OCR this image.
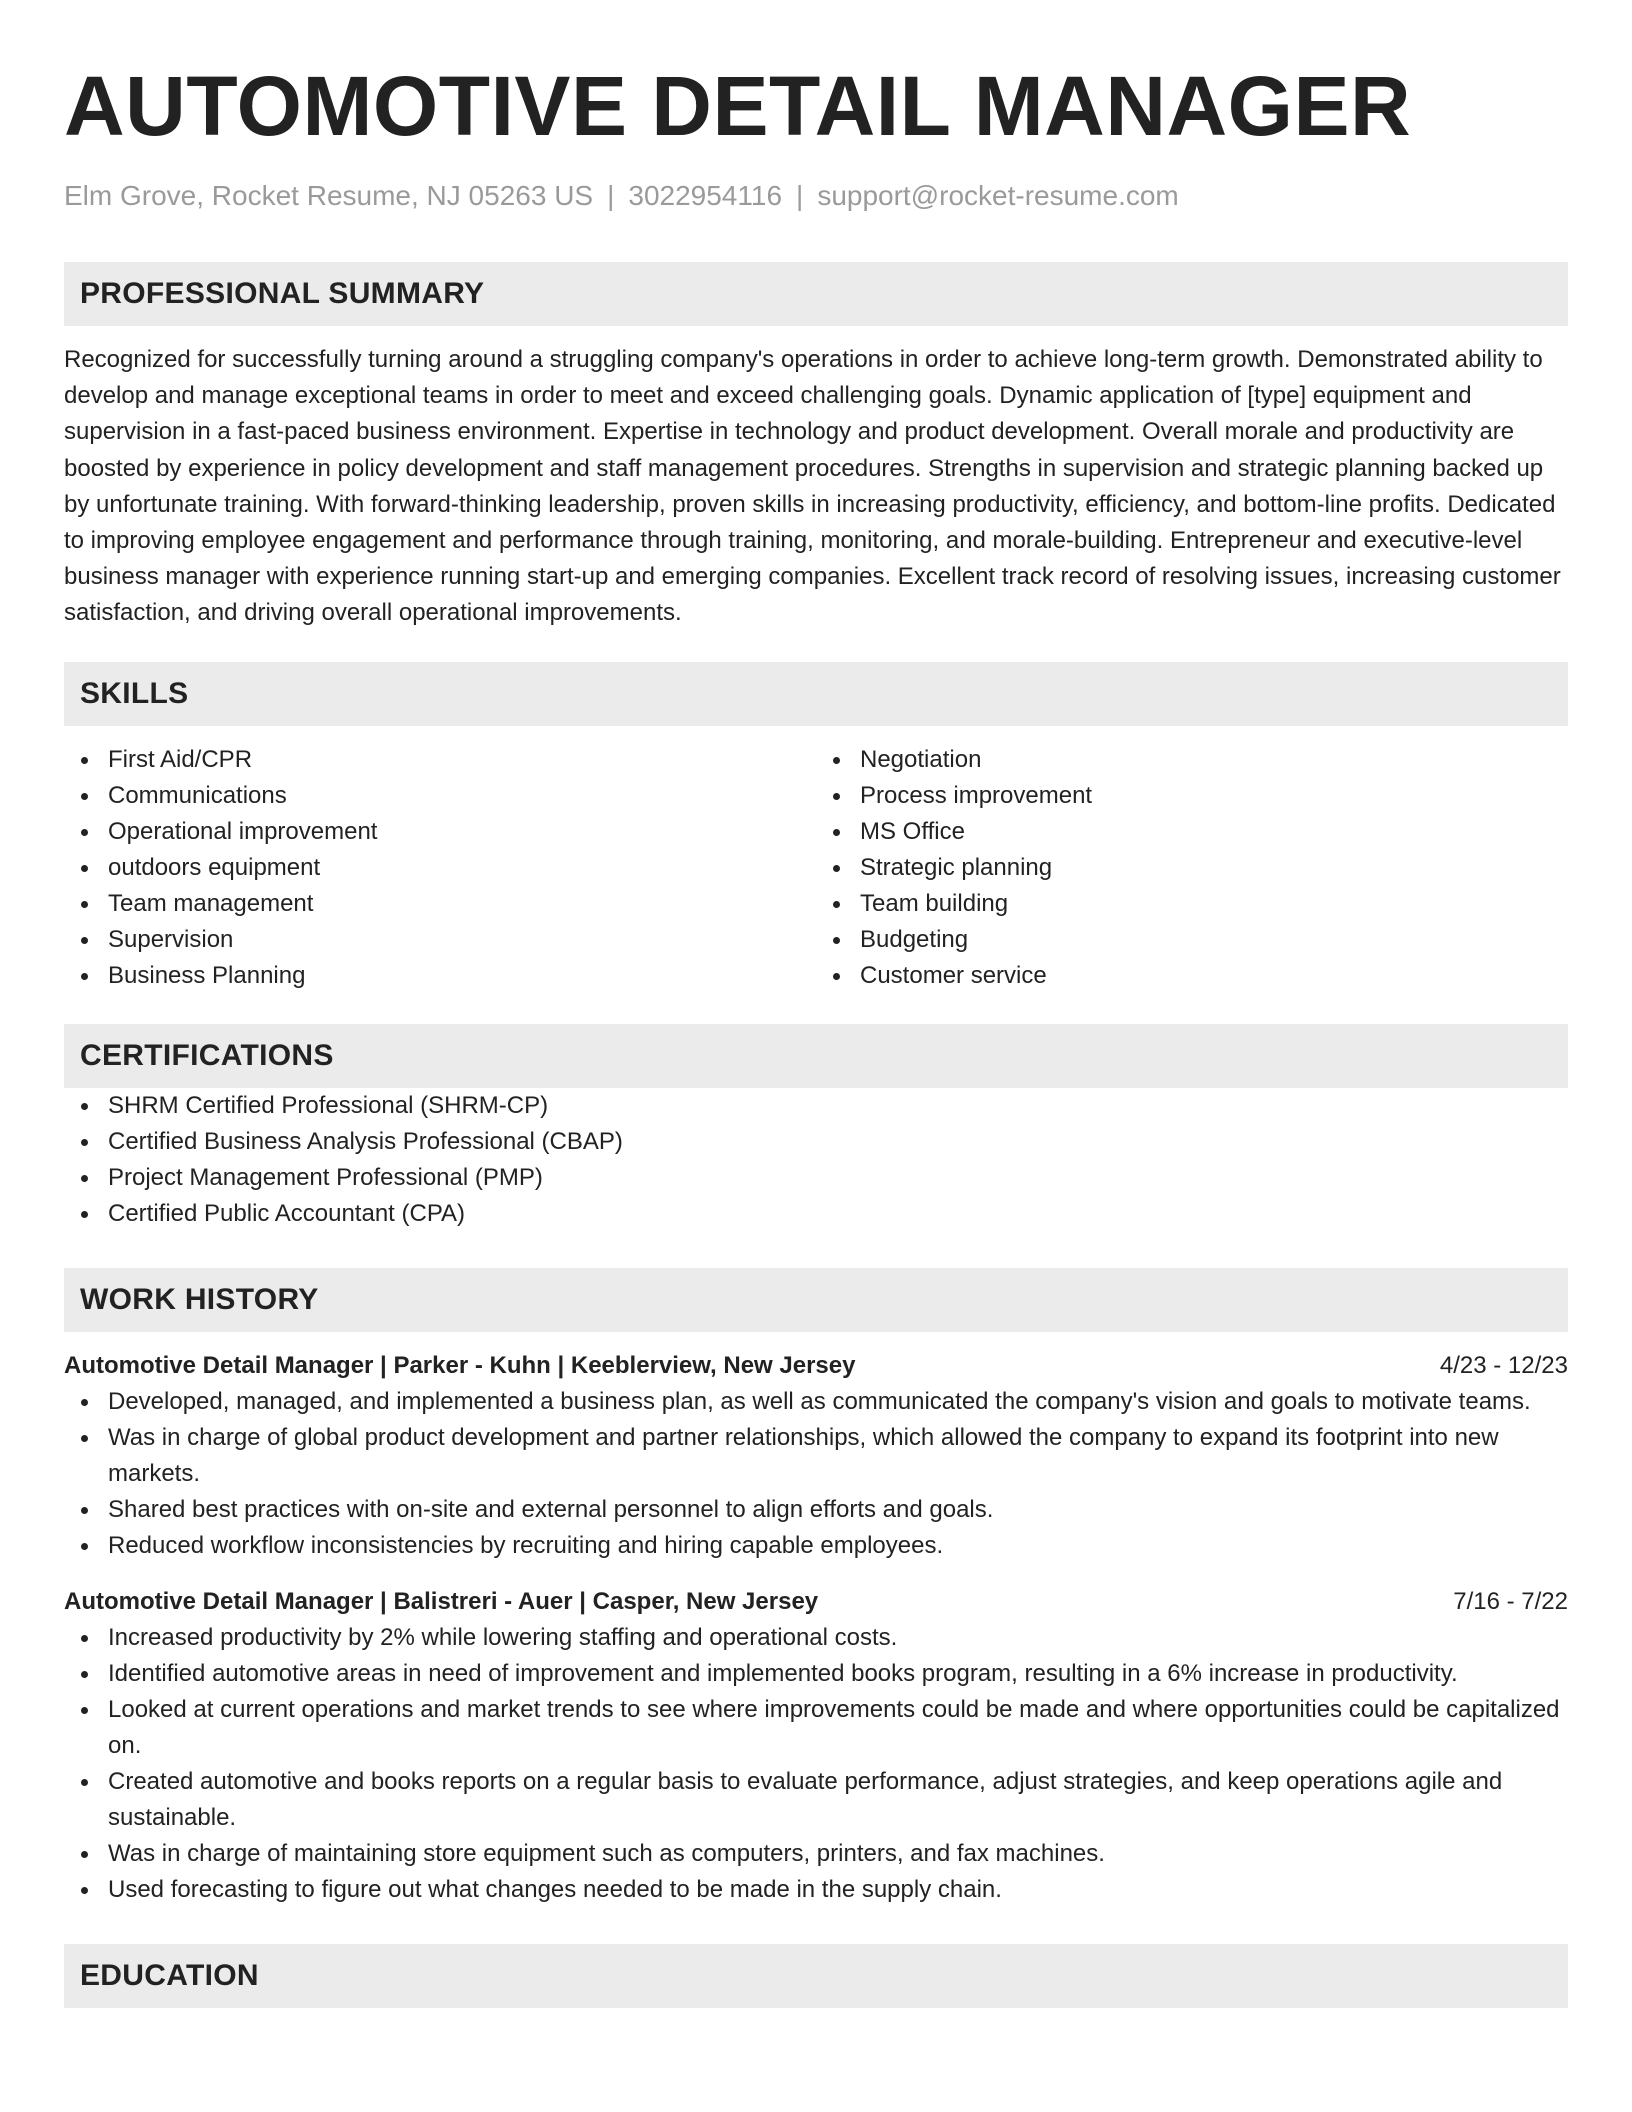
AUTOMOTIVE DETAIL MANAGER
Elm Grove, Rocket Resume, NJ 05263 US | 3022954116 | support@rocket-resume.com
PROFESSIONAL SUMMARY
Recognized for successfully turning around a struggling company's operations in order to achieve long-term growth. Demonstrated ability to develop and manage exceptional teams in order to meet and exceed challenging goals. Dynamic application of [type] equipment and supervision in a fast-paced business environment. Expertise in technology and product development. Overall morale and productivity are boosted by experience in policy development and staff management procedures. Strengths in supervision and strategic planning backed up by unfortunate training. With forward-thinking leadership, proven skills in increasing productivity, efficiency, and bottom-line profits. Dedicated to improving employee engagement and performance through training, monitoring, and morale-building. Entrepreneur and executive-level business manager with experience running start-up and emerging companies. Excellent track record of resolving issues, increasing customer satisfaction, and driving overall operational improvements.
SKILLS
First Aid/CPR
Communications
Operational improvement
outdoors equipment
Team management
Supervision
Business Planning
Negotiation
Process improvement
MS Office
Strategic planning
Team building
Budgeting
Customer service
CERTIFICATIONS
SHRM Certified Professional (SHRM-CP)
Certified Business Analysis Professional (CBAP)
Project Management Professional (PMP)
Certified Public Accountant (CPA)
WORK HISTORY
Automotive Detail Manager | Parker - Kuhn | Keeblerview, New Jersey	4/23 - 12/23
Developed, managed, and implemented a business plan, as well as communicated the company's vision and goals to motivate teams.
Was in charge of global product development and partner relationships, which allowed the company to expand its footprint into new markets.
Shared best practices with on-site and external personnel to align efforts and goals.
Reduced workflow inconsistencies by recruiting and hiring capable employees.
Automotive Detail Manager | Balistreri - Auer | Casper, New Jersey	7/16 - 7/22
Increased productivity by 2% while lowering staffing and operational costs.
Identified automotive areas in need of improvement and implemented books program, resulting in a 6% increase in productivity.
Looked at current operations and market trends to see where improvements could be made and where opportunities could be capitalized on.
Created automotive and books reports on a regular basis to evaluate performance, adjust strategies, and keep operations agile and sustainable.
Was in charge of maintaining store equipment such as computers, printers, and fax machines.
Used forecasting to figure out what changes needed to be made in the supply chain.
EDUCATION
